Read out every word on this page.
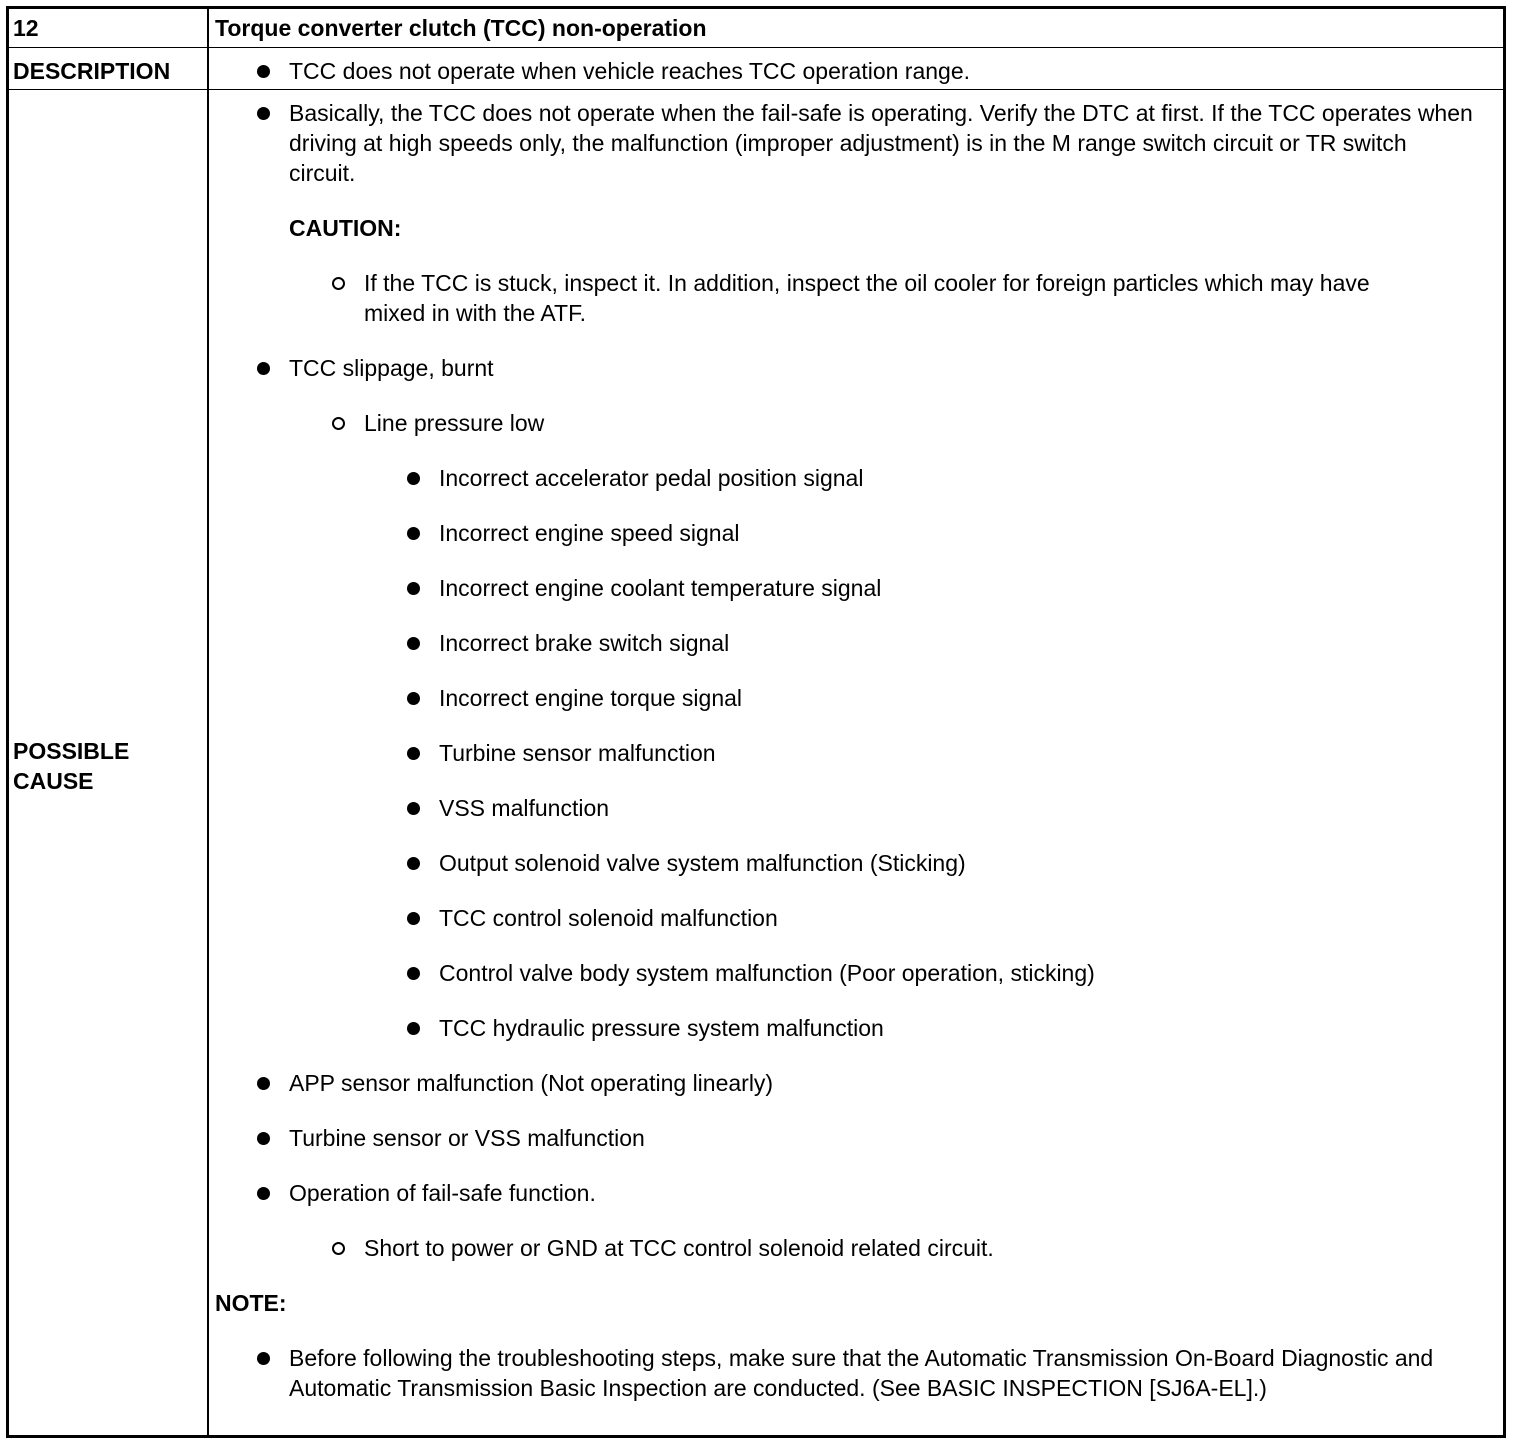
12	Torque converter clutch (TCC) non-operation
DESCRIPTION	TCC does not operate when vehicle reaches TCC operation range.
POSSIBLE
CAUSE
Basically, the TCC does not operate when the fail-safe is operating. Verify the DTC at first. If the TCC operates when driving at high speeds only, the malfunction (improper adjustment) is in the M range switch circuit or TR switch circuit.
CAUTION:
If the TCC is stuck, inspect it. In addition, inspect the oil cooler for foreign particles which may have mixed in with the ATF.
TCC slippage, burnt
Line pressure low
Incorrect accelerator pedal position signal
Incorrect engine speed signal
Incorrect engine coolant temperature signal
Incorrect brake switch signal
Incorrect engine torque signal
Turbine sensor malfunction
VSS malfunction
Output solenoid valve system malfunction (Sticking)
TCC control solenoid malfunction
Control valve body system malfunction (Poor operation, sticking)
TCC hydraulic pressure system malfunction
APP sensor malfunction (Not operating linearly)
Turbine sensor or VSS malfunction
Operation of fail-safe function.
Short to power or GND at TCC control solenoid related circuit.
NOTE:
Before following the troubleshooting steps, make sure that the Automatic Transmission On-Board Diagnostic and Automatic Transmission Basic Inspection are conducted. (See BASIC INSPECTION [SJ6A-EL].)
